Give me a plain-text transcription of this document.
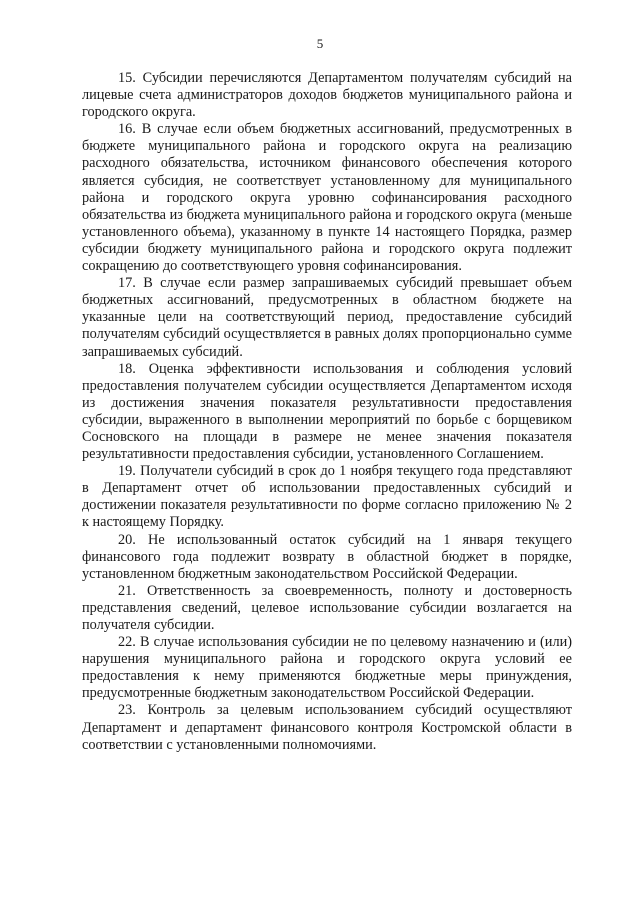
5

15. Субсидии перечисляются Департаментом получателям субсидий на лицевые счета администраторов доходов бюджетов муниципального района и городского округа.

16. В случае если объем бюджетных ассигнований, предусмотренных в бюджете муниципального района и городского округа на реализацию расходного обязательства, источником финансового обеспечения которого является субсидия, не соответствует установленному для муниципального района и городского округа уровню софинансирования расходного обязательства из бюджета муниципального района и городского округа (меньше установленного объема), указанному в пункте 14 настоящего Порядка, размер субсидии бюджету муниципального района и городского округа подлежит сокращению до соответствующего уровня софинансирования.

17. В случае если размер запрашиваемых субсидий превышает объем бюджетных ассигнований, предусмотренных в областном бюджете на указанные цели на соответствующий период, предоставление субсидий получателям субсидий осуществляется в равных долях пропорционально сумме запрашиваемых субсидий.

18. Оценка эффективности использования и соблюдения условий предоставления получателем субсидии осуществляется Департаментом исходя из достижения значения показателя результативности предоставления субсидии, выраженного в выполнении мероприятий по борьбе с борщевиком Сосновского на площади в размере не менее значения показателя результативности предоставления субсидии, установленного Соглашением.

19. Получатели субсидий в срок до 1 ноября текущего года представляют в Департамент отчет об использовании предоставленных субсидий и достижении показателя результативности по форме согласно приложению № 2 к настоящему Порядку.

20. Не использованный остаток субсидий на 1 января текущего финансового года подлежит возврату в областной бюджет в порядке, установленном бюджетным законодательством Российской Федерации.

21. Ответственность за своевременность, полноту и достоверность представления сведений, целевое использование субсидии возлагается на получателя субсидии.

22. В случае использования субсидии не по целевому назначению и (или) нарушения муниципального района и городского округа условий ее предоставления к нему применяются бюджетные меры принуждения, предусмотренные бюджетным законодательством Российской Федерации.

23. Контроль за целевым использованием субсидий осуществляют Департамент и департамент финансового контроля Костромской области в соответствии с установленными полномочиями.
